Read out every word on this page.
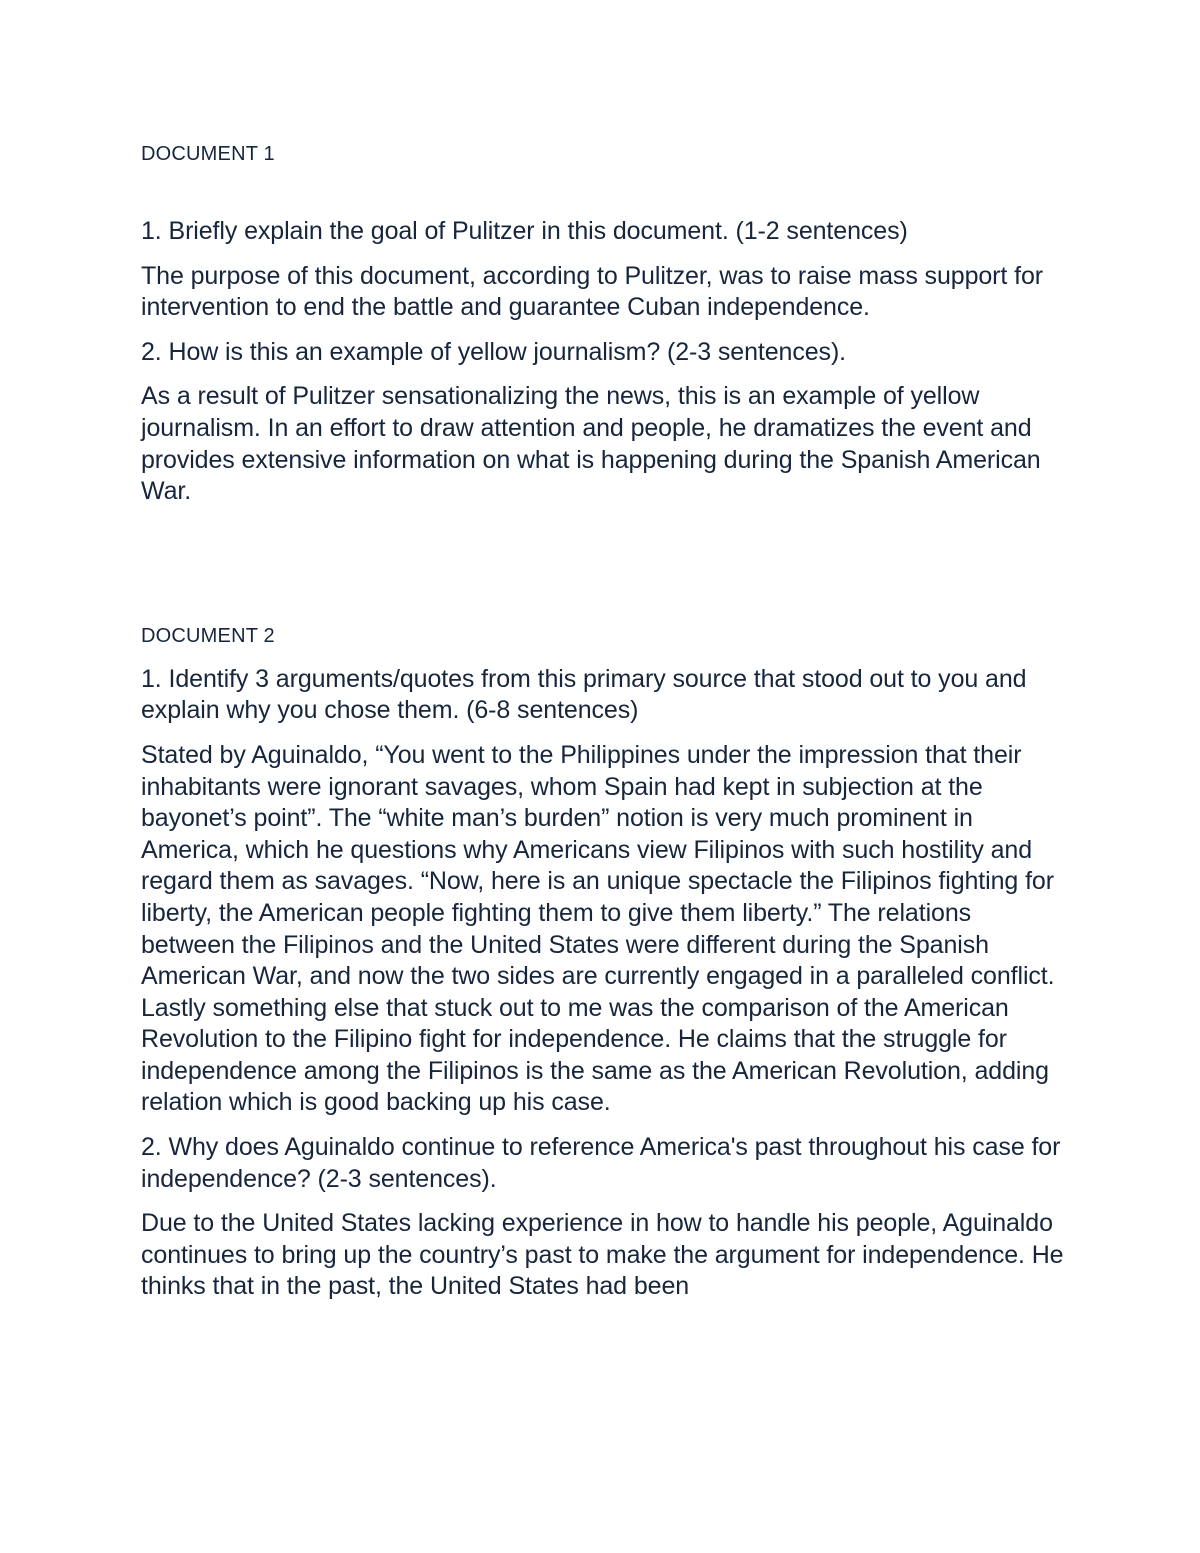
DOCUMENT 1

1. Briefly explain the goal of Pulitzer in this document. (1-2 sentences)

The purpose of this document, according to Pulitzer, was to raise mass support for intervention to end the battle and guarantee Cuban independence.

2. How is this an example of yellow journalism? (2-3 sentences).

As a result of Pulitzer sensationalizing the news, this is an example of yellow journalism. In an effort to draw attention and people, he dramatizes the event and provides extensive information on what is happening during the Spanish American War.

DOCUMENT 2

1. Identify 3 arguments/quotes from this primary source that stood out to you and explain why you chose them. (6-8 sentences)

Stated by Aguinaldo, “You went to the Philippines under the impression that their inhabitants were ignorant savages, whom Spain had kept in subjection at the bayonet’s point”. The “white man’s burden” notion is very much prominent in America, which he questions why Americans view Filipinos with such hostility and regard them as savages. “Now, here is an unique spectacle the Filipinos fighting for liberty, the American people fighting them to give them liberty.” The relations between the Filipinos and the United States were different during the Spanish American War, and now the two sides are currently engaged in a paralleled conflict. Lastly something else that stuck out to me was the comparison of the American Revolution to the Filipino fight for independence. He claims that the struggle for independence among the Filipinos is the same as the American Revolution, adding relation which is good backing up his case.

2. Why does Aguinaldo continue to reference America's past throughout his case for independence? (2-3 sentences).

Due to the United States lacking experience in how to handle his people, Aguinaldo continues to bring up the country’s past to make the argument for independence. He thinks that in the past, the United States had been
